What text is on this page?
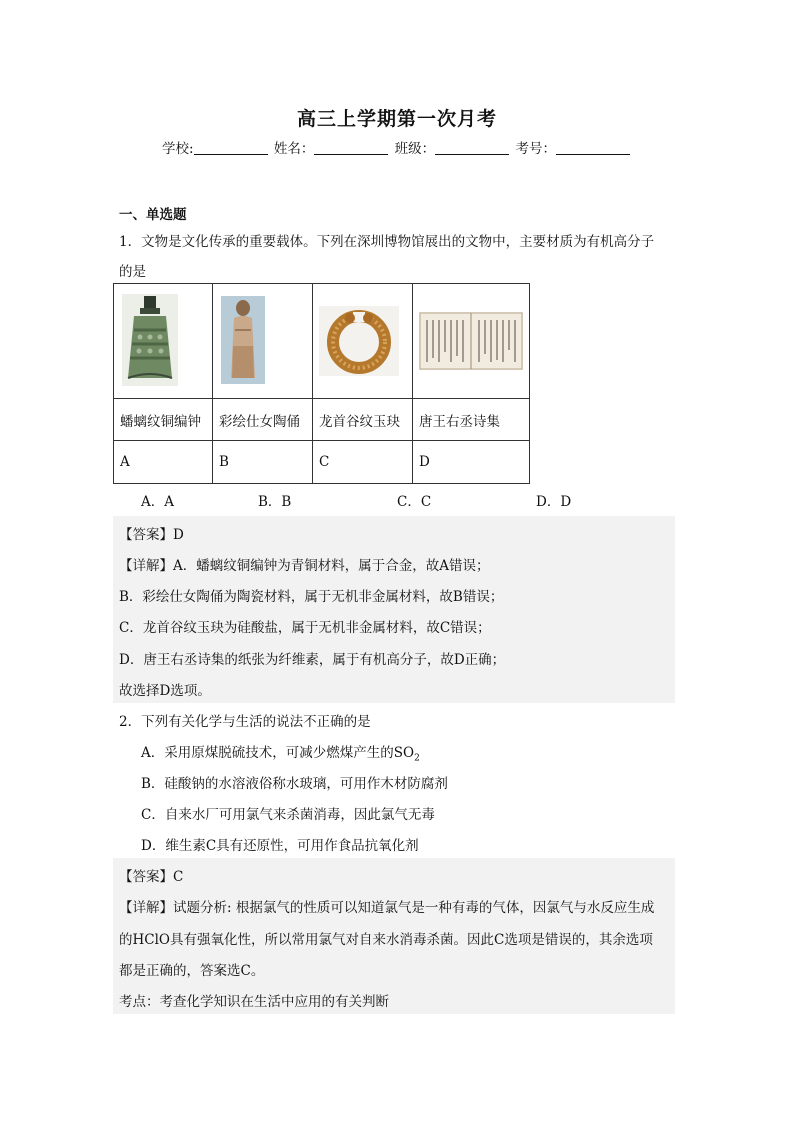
高三上学期第一次月考
学校:	姓名：	班级：	考号：
一、单选题
1．文物是文化传承的重要载体。下列在深圳博物馆展出的文物中，主要材质为有机高分子
的是

蟠螭纹铜编钟	彩绘仕女陶俑	龙首谷纹玉玦	唐王右丞诗集
A	B	C	D
A．A	B．B	C．C	D．D
【答案】D
【详解】A．蟠螭纹铜编钟为青铜材料，属于合金，故A错误；
B．彩绘仕女陶俑为陶瓷材料，属于无机非金属材料，故B错误；
C．龙首谷纹玉玦为硅酸盐，属于无机非金属材料，故C错误；
D．唐王右丞诗集的纸张为纤维素，属于有机高分子，故D正确；
故选择D选项。
2．下列有关化学与生活的说法不正确的是
A．采用原煤脱硫技术，可减少燃煤产生的$SO_2$
B．硅酸钠的水溶液俗称水玻璃，可用作木材防腐剂
C．自来水厂可用氯气来杀菌消毒，因此氯气无毒
D．维生素C具有还原性，可用作食品抗氧化剂
【答案】C
【详解】试题分析: 根据氯气的性质可以知道氯气是一种有毒的气体，因氯气与水反应生成
的HClO具有强氧化性，所以常用氯气对自来水消毒杀菌。因此C选项是错误的，其余选项
都是正确的，答案选C。
考点：考查化学知识在生活中应用的有关判断
